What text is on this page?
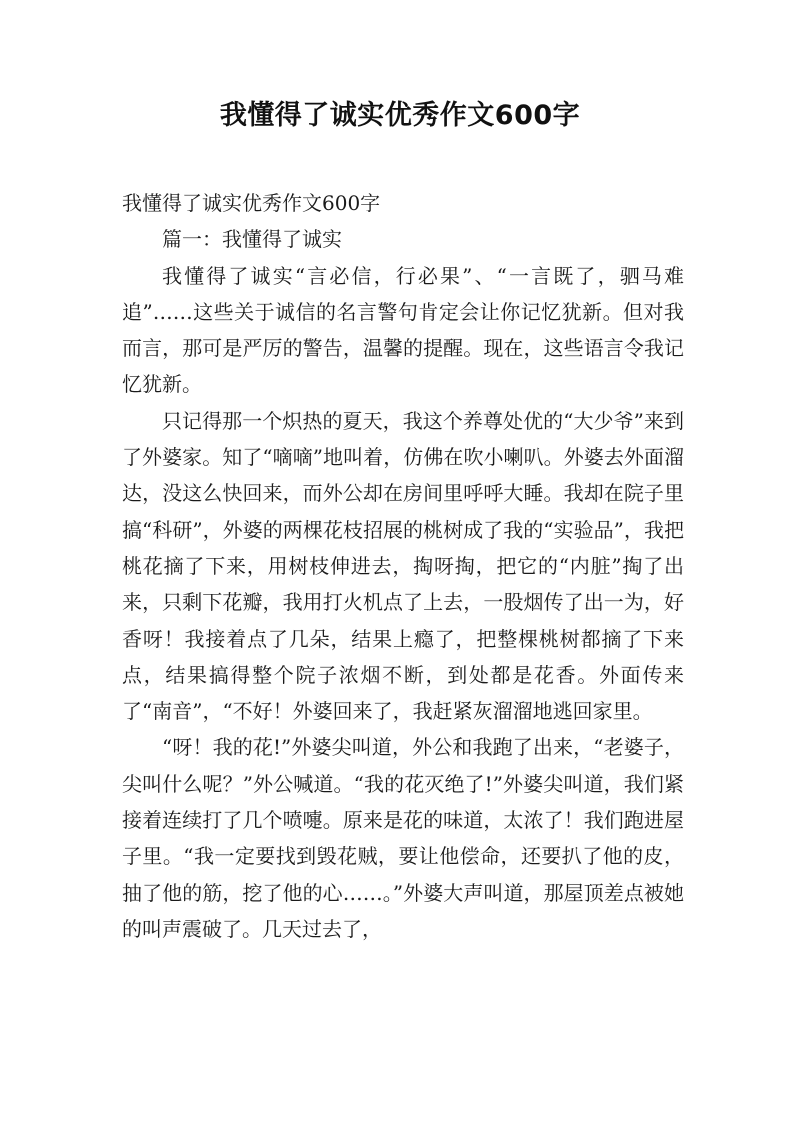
我懂得了诚实优秀作文600字

我懂得了诚实优秀作文600字

篇一：我懂得了诚实

我懂得了诚实“言必信，行必果”、“一言既了，驷马难追”……这些关于诚信的名言警句肯定会让你记忆犹新。但对我而言，那可是严厉的警告，温馨的提醒。现在，这些语言令我记忆犹新。

只记得那一个炽热的夏天，我这个养尊处优的“大少爷”来到了外婆家。知了“嘀嘀”地叫着，仿佛在吹小喇叭。外婆去外面溜达，没这么快回来，而外公却在房间里呼呼大睡。我却在院子里搞“科研”，外婆的两棵花枝招展的桃树成了我的“实验品”，我把桃花摘了下来，用树枝伸进去，掏呀掏，把它的“内脏”掏了出来，只剩下花瓣，我用打火机点了上去，一股烟传了出一为，好香呀！我接着点了几朵，结果上瘾了，把整棵桃树都摘了下来点，结果搞得整个院子浓烟不断，到处都是花香。外面传来了“南音”，“不好！外婆回来了，我赶紧灰溜溜地逃回家里。

“呀！我的花!”外婆尖叫道，外公和我跑了出来，“老婆子，尖叫什么呢？”外公喊道。“我的花灭绝了!”外婆尖叫道，我们紧接着连续打了几个喷嚏。原来是花的味道，太浓了！我们跑进屋子里。“我一定要找到毁花贼，要让他偿命，还要扒了他的皮，抽了他的筋，挖了他的心……。”外婆大声叫道，那屋顶差点被她的叫声震破了。几天过去了，
